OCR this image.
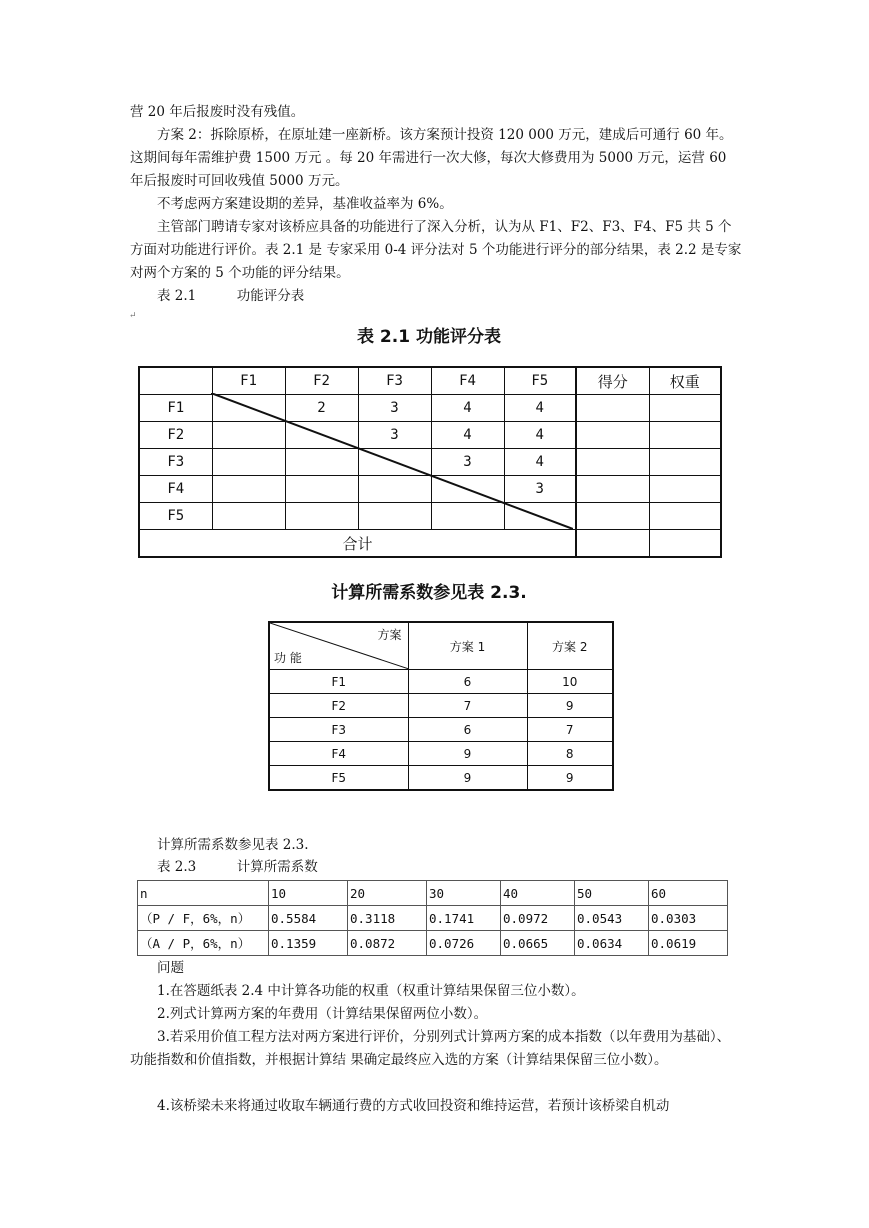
营 20 年后报废时没有残值。

方案 2：拆除原桥，在原址建一座新桥。该方案预计投资 120 000 万元，建成后可通行 60 年。这期间每年需维护费 1500 万元 。每 20 年需进行一次大修，每次大修费用为 5000 万元，运营 60 年后报废时可回收残值 5000 万元。

不考虑两方案建设期的差异，基准收益率为 6%。

主管部门聘请专家对该桥应具备的功能进行了深入分析，认为从 F1、F2、F3、F4、F5 共 5 个方面对功能进行评价。表 2.1 是 专家采用 0-4 评分法对 5 个功能进行评分的部分结果，表 2.2 是专家对两个方案的 5 个功能的评分结果。

表 2.1　　　功能评分表

↵
表 2.1 功能评分表
	F1	F2	F3	F4	F5	得分	权重
F1		2	3	4	4		
F2			3	4	4		
F3				3	4		
F4					3		
F5							
合计							
计算所需系数参见表 2.3.
方案
功 能	方案 1	方案 2
F1	6	10
F2	7	9
F3	6	7
F4	9	8
F5	9	9

计算所需系数参见表 2.3.

表 2.3　　　计算所需系数

n	10	20	30	40	50	60
（P / F，6%，n）	0.5584	0.3118	0.1741	0.0972	0.0543	0.0303
（A / P，6%，n）	0.1359	0.0872	0.0726	0.0665	0.0634	0.0619

问题

1.在答题纸表 2.4 中计算各功能的权重（权重计算结果保留三位小数）。

2.列式计算两方案的年费用（计算结果保留两位小数）。

3.若采用价值工程方法对两方案进行评价，分别列式计算两方案的成本指数（以年费用为基础）、功能指数和价值指数，并根据计算结 果确定最终应入选的方案（计算结果保留三位小数）。

4.该桥梁未来将通过收取车辆通行费的方式收回投资和维持运营，若预计该桥梁自机动
